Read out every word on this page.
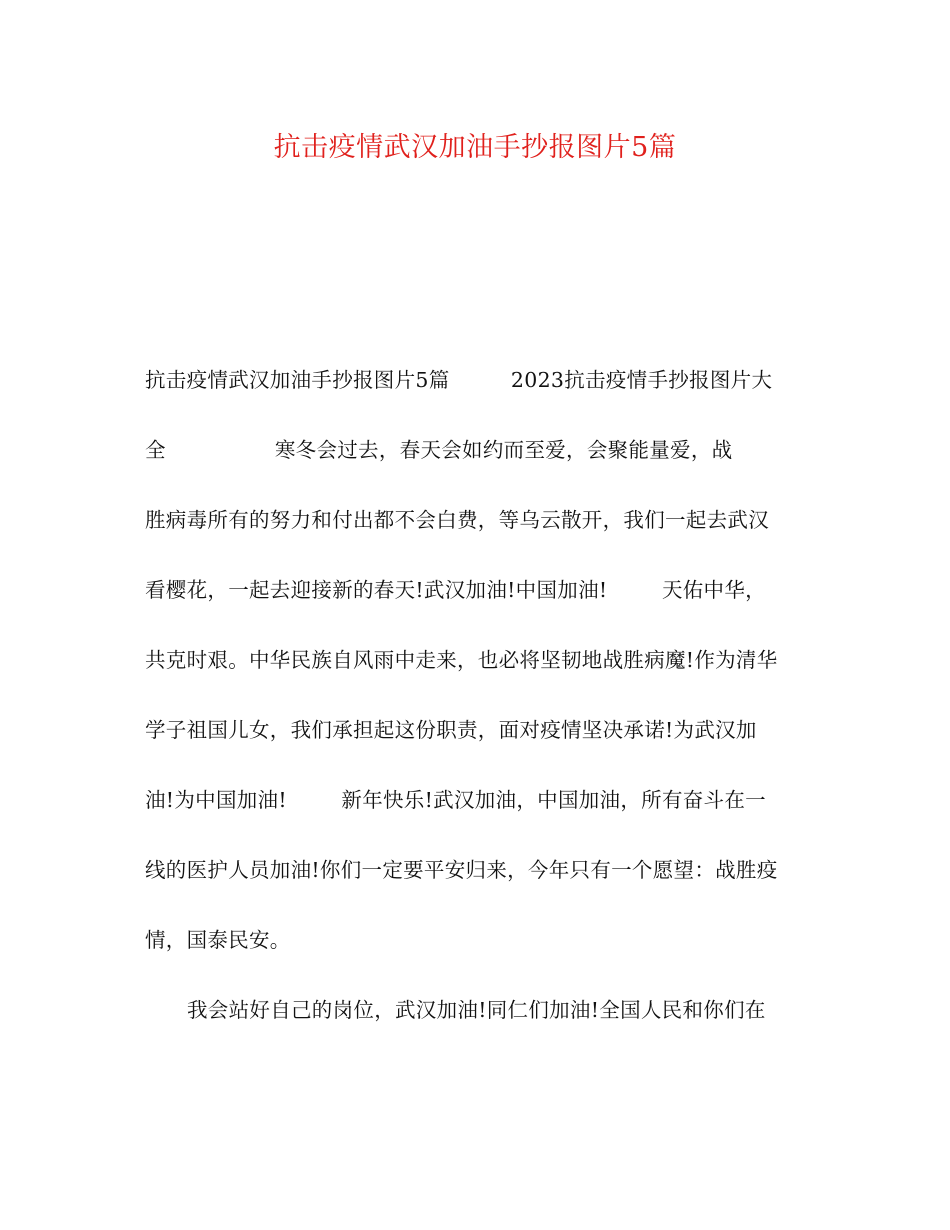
抗击疫情武汉加油手抄报图片5篇
抗击疫情武汉加油手抄报图片5篇         2023抗击疫情手抄报图片大
全                寒冬会过去，春天会如约而至爱，会聚能量爱，战
胜病毒所有的努力和付出都不会白费，等乌云散开，我们一起去武汉
看樱花，一起去迎接新的春天!武汉加油!中国加油!        天佑中华，
共克时艰。中华民族自风雨中走来，也必将坚韧地战胜病魔!作为清华
学子祖国儿女，我们承担起这份职责，面对疫情坚决承诺!为武汉加
油!为中国加油!        新年快乐!武汉加油，中国加油，所有奋斗在一
线的医护人员加油!你们一定要平安归来，今年只有一个愿望：战胜疫
情，国泰民安。
我会站好自己的岗位，武汉加油!同仁们加油!全国人民和你们在
